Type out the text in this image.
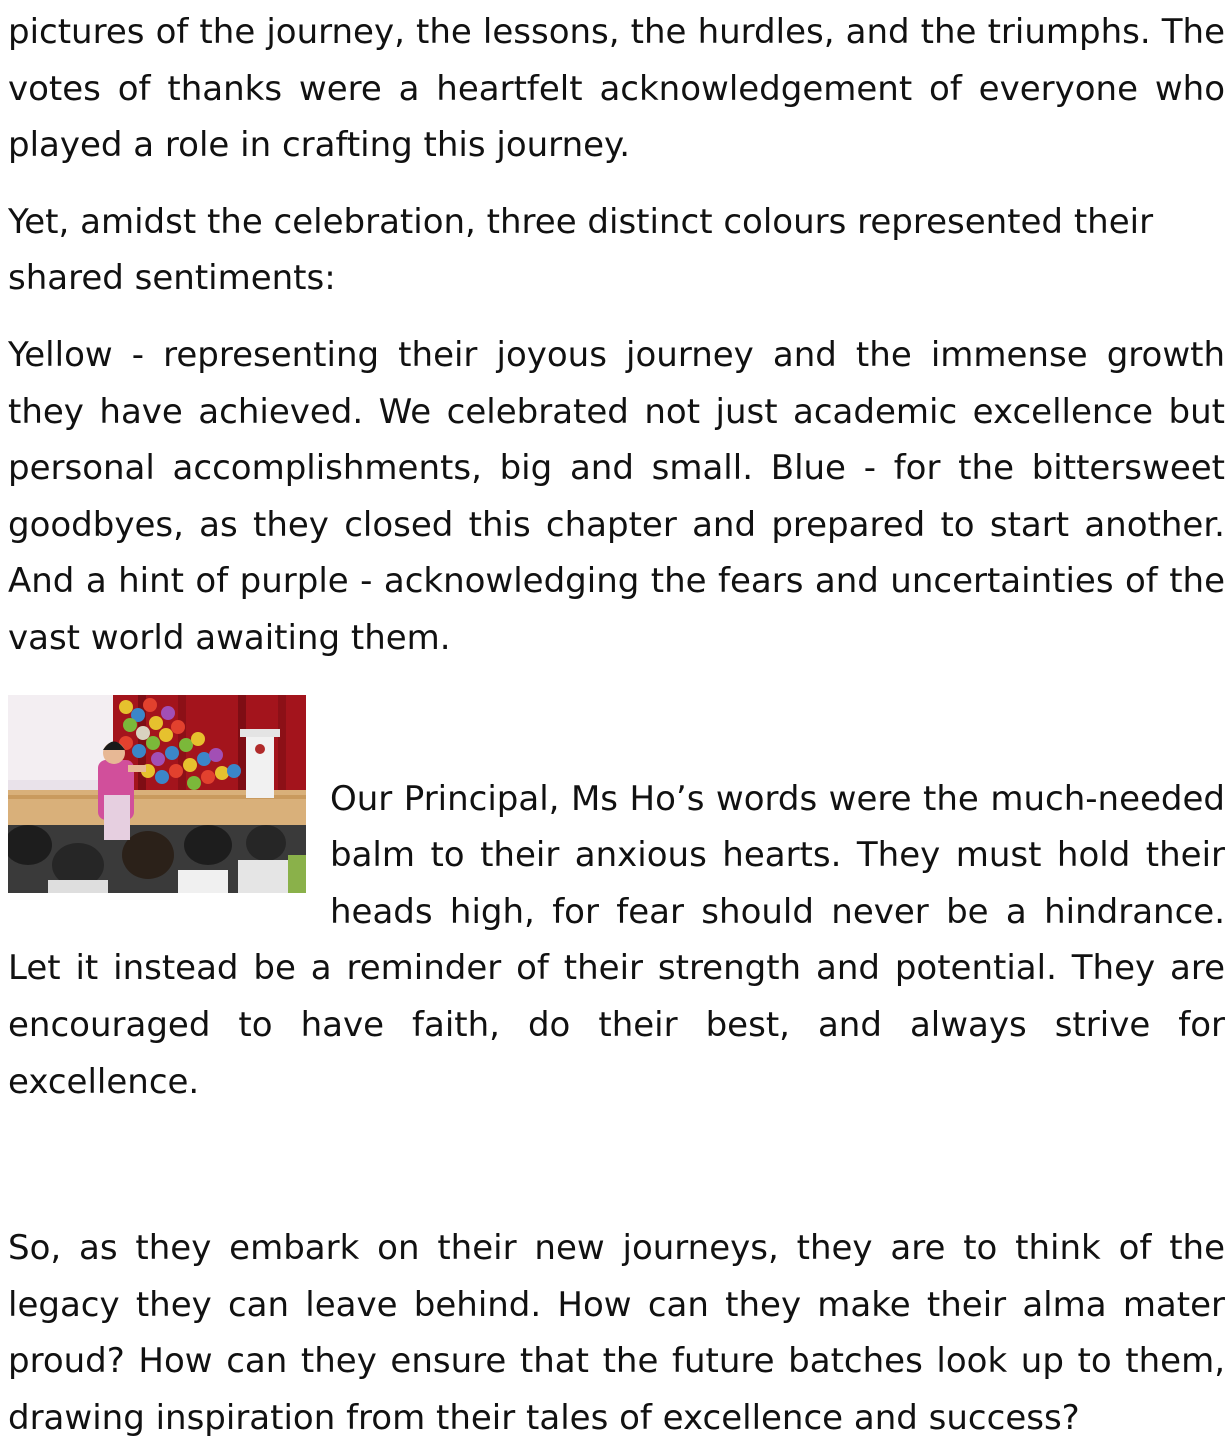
pictures of the journey, the lessons, the hurdles, and the triumphs. The votes of thanks were a heartfelt acknowledgement of everyone who played a role in crafting this journey.

Yet, amidst the celebration, three distinct colours represented their shared sentiments:

Yellow - representing their joyous journey and the immense growth they have achieved. We celebrated not just academic excellence but personal accomplishments, big and small. Blue - for the bittersweet goodbyes, as they closed this chapter and prepared to start another. And a hint of purple - acknowledging the fears and uncertainties of the vast world awaiting them.

Our Principal, Ms Ho’s words were the much-needed balm to their anxious hearts. They must hold their heads high, for fear should never be a hindrance. Let it instead be a reminder of their strength and potential. They are encouraged to have faith, do their best, and always strive for excellence.

So, as they embark on their new journeys, they are to think of the legacy they can leave behind. How can they make their alma mater proud? How can they ensure that the future batches look up to them, drawing inspiration from their tales of excellence and success?
